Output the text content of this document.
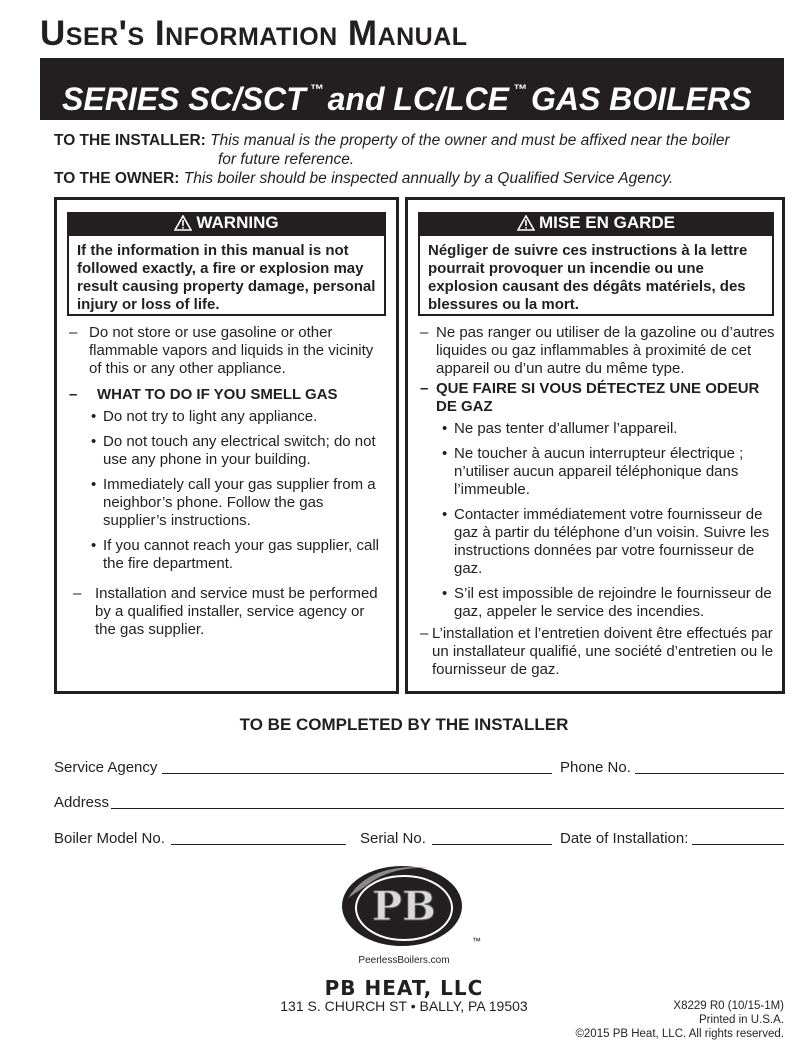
User's Information Manual
SERIES SC/SCT ™ and LC/LCE ™ GAS BOILERS
TO THE INSTALLER: This manual is the property of the owner and must be affixed near the boiler
for future reference.
TO THE OWNER: This boiler should be inspected annually by a Qualified Service Agency.
WARNING
If the information in this manual is not followed exactly, a fire or explosion may result causing property damage, personal injury or loss of life.
– Do not store or use gasoline or other flammable vapors and liquids in the vicinity of this or any other appliance.
–	WHAT TO DO IF YOU SMELL GAS
• Do not try to light any appliance.
• Do not touch any electrical switch; do not use any phone in your building.
• Immediately call your gas supplier from a neighbor’s phone. Follow the gas supplier’s instructions.
• If you cannot reach your gas supplier, call the fire department.
– Installation and service must be performed by a qualified installer, service agency or the gas supplier.
MISE EN GARDE
Négliger de suivre ces instructions à la lettre pourrait provoquer un incendie ou une explosion causant des dégâts matériels, des blessures ou la mort.
– Ne pas ranger ou utiliser de la gazoline ou d’autres liquides ou gaz inflammables à proximité de cet appareil ou d’un autre du même type.
– QUE FAIRE SI VOUS DÉTECTEZ UNE ODEUR DE GAZ
• Ne pas tenter d’allumer l’appareil.
• Ne toucher à aucun interrupteur électrique ; n’utiliser aucun appareil téléphonique dans l’immeuble.
• Contacter immédiatement votre fournisseur de gaz à partir du téléphone d’un voisin. Suivre les instructions données par votre fournisseur de gaz.
• S’il est impossible de rejoindre le fournisseur de gaz, appeler le service des incendies.
– L’installation et l’entretien doivent être effectués par un installateur qualifié, une société d’entretien ou le fournisseur de gaz.
TO BE COMPLETED BY THE INSTALLER
Service Agency	Phone No.
Address
Boiler Model No.	Serial No.	Date of Installation:
PB
™
PeerlessBoilers.com
PB HEAT, LLC
131 S. CHURCH ST • BALLY, PA 19503	X8229 R0 (10/15-1M)
Printed in U.S.A.
©2015 PB Heat, LLC. All rights reserved.
